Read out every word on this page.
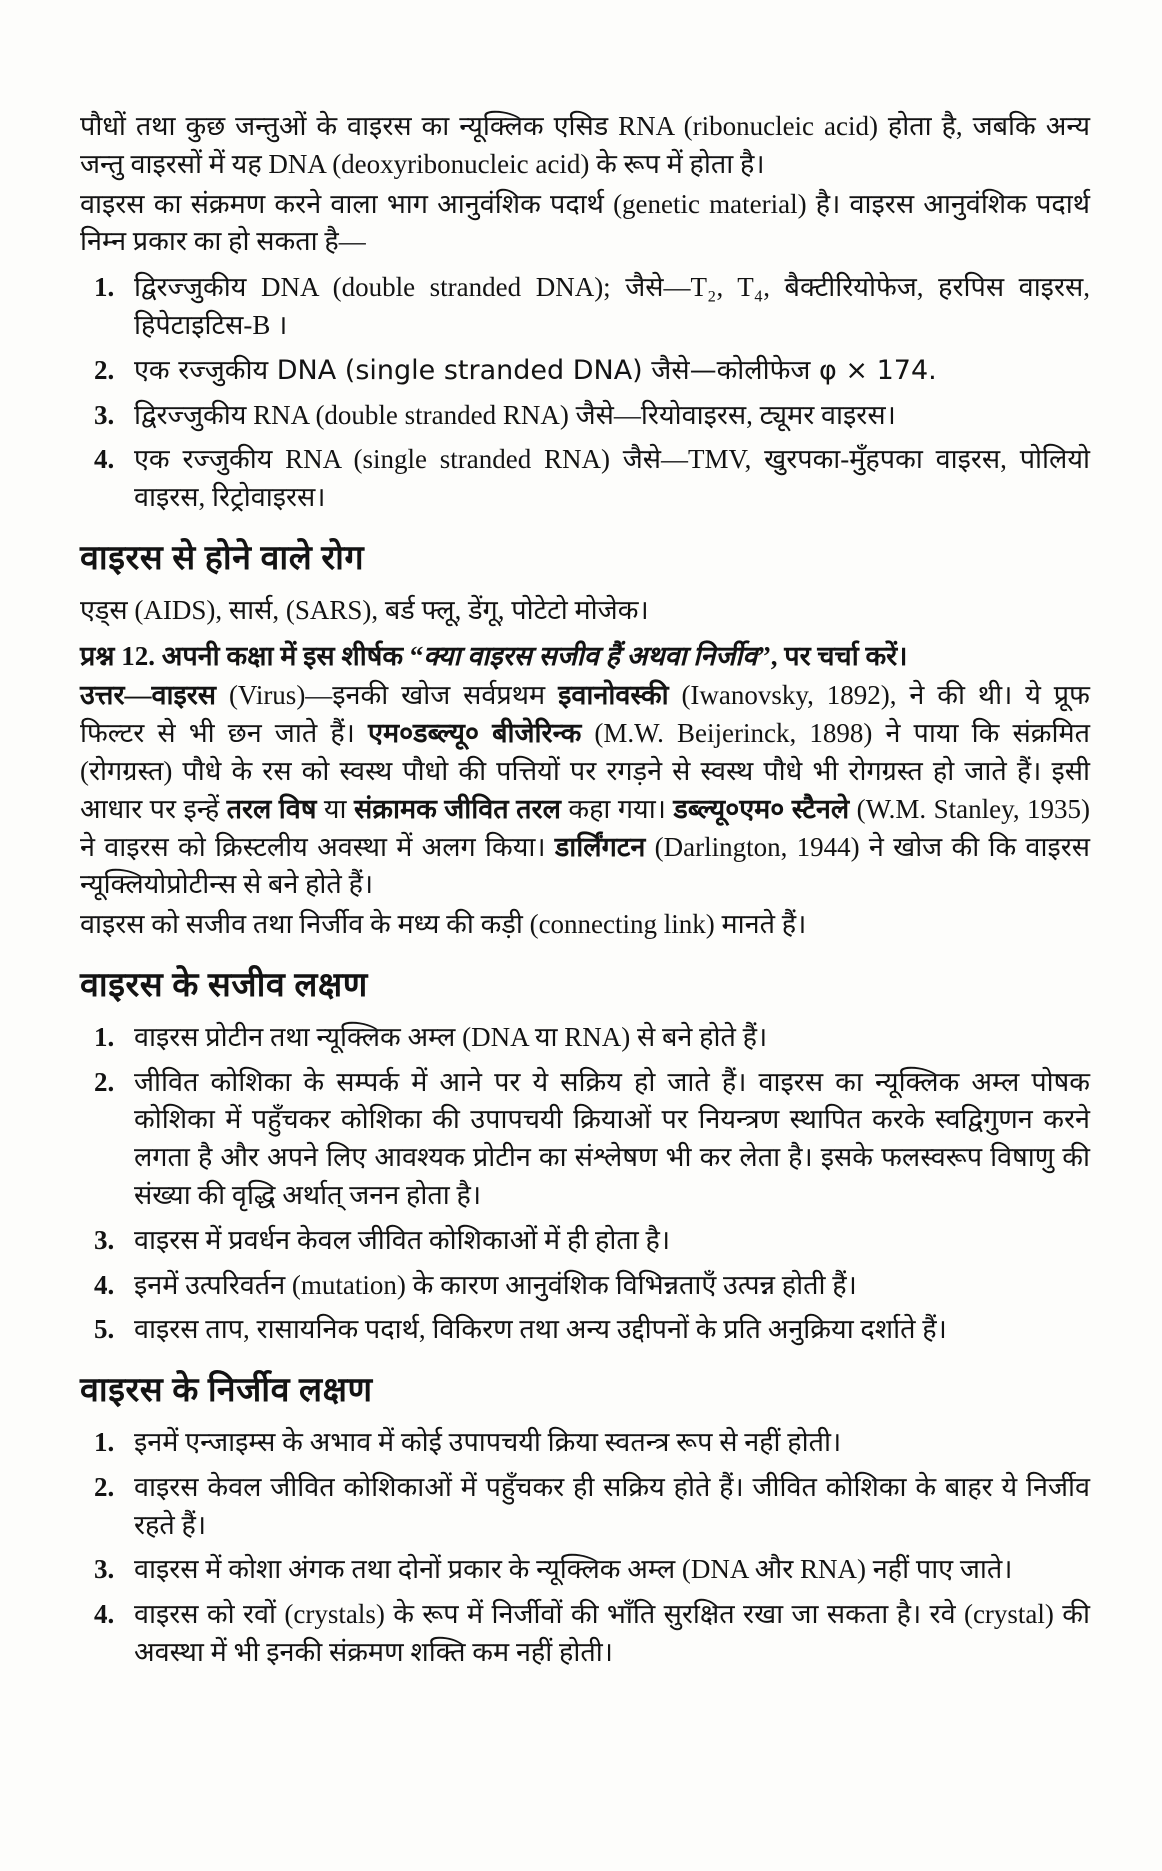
पौधों तथा कुछ जन्तुओं के वाइरस का न्यूक्लिक एसिड RNA (ribonucleic acid) होता है, जबकि अन्य जन्तु वाइरसों में यह DNA (deoxyribonucleic acid) के रूप में होता है।

वाइरस का संक्रमण करने वाला भाग आनुवंशिक पदार्थ (genetic material) है। वाइरस आनुवंशिक पदार्थ निम्न प्रकार का हो सकता है—

1. द्विरज्जुकीय DNA (double stranded DNA); जैसे—T₂, T₄, बैक्टीरियोफेज, हरपिस वाइरस, हिपेटाइटिस-B ।
2. एक रज्जुकीय DNA (single stranded DNA) जैसे—कोलीफेज φ × 174.
3. द्विरज्जुकीय RNA (double stranded RNA) जैसे—रियोवाइरस, ट्यूमर वाइरस।
4. एक रज्जुकीय RNA (single stranded RNA) जैसे—TMV, खुरपका-मुँहपका वाइरस, पोलियो वाइरस, रिट्रोवाइरस।
वाइरस से होने वाले रोग

एड्स (AIDS), सार्स, (SARS), बर्ड फ्लू, डेंगू, पोटेटो मोजेक।

प्रश्न 12. अपनी कक्षा में इस शीर्षक “क्या वाइरस सजीव हैं अथवा निर्जीव”, पर चर्चा करें।

उत्तर—वाइरस (Virus)—इनकी खोज सर्वप्रथम इवानोवस्की (Iwanovsky, 1892), ने की थी। ये प्रूफ फिल्टर से भी छन जाते हैं। एम०डब्ल्यू० बीजेरिन्क (M.W. Beijerinck, 1898) ने पाया कि संक्रमित (रोगग्रस्त) पौधे के रस को स्वस्थ पौधो की पत्तियों पर रगड़ने से स्वस्थ पौधे भी रोगग्रस्त हो जाते हैं। इसी आधार पर इन्हें तरल विष या संक्रामक जीवित तरल कहा गया। डब्ल्यू०एम० स्टैनले (W.M. Stanley, 1935) ने वाइरस को क्रिस्टलीय अवस्था में अलग किया। डार्लिंगटन (Darlington, 1944) ने खोज की कि वाइरस न्यूक्लियोप्रोटीन्स से बने होते हैं।

वाइरस को सजीव तथा निर्जीव के मध्य की कड़ी (connecting link) मानते हैं।

वाइरस के सजीव लक्षण
1. वाइरस प्रोटीन तथा न्यूक्लिक अम्ल (DNA या RNA) से बने होते हैं।
2. जीवित कोशिका के सम्पर्क में आने पर ये सक्रिय हो जाते हैं। वाइरस का न्यूक्लिक अम्ल पोषक कोशिका में पहुँचकर कोशिका की उपापचयी क्रियाओं पर नियन्त्रण स्थापित करके स्वद्विगुणन करने लगता है और अपने लिए आवश्यक प्रोटीन का संश्लेषण भी कर लेता है। इसके फलस्वरूप विषाणु की संख्या की वृद्धि अर्थात् जनन होता है।
3. वाइरस में प्रवर्धन केवल जीवित कोशिकाओं में ही होता है।
4. इनमें उत्परिवर्तन (mutation) के कारण आनुवंशिक विभिन्नताएँ उत्पन्न होती हैं।
5. वाइरस ताप, रासायनिक पदार्थ, विकिरण तथा अन्य उद्दीपनों के प्रति अनुक्रिया दर्शाते हैं।
वाइरस के निर्जीव लक्षण
1. इनमें एन्जाइम्स के अभाव में कोई उपापचयी क्रिया स्वतन्त्र रूप से नहीं होती।
2. वाइरस केवल जीवित कोशिकाओं में पहुँचकर ही सक्रिय होते हैं। जीवित कोशिका के बाहर ये निर्जीव रहते हैं।
3. वाइरस में कोशा अंगक तथा दोनों प्रकार के न्यूक्लिक अम्ल (DNA और RNA) नहीं पाए जाते।
4. वाइरस को रवों (crystals) के रूप में निर्जीवों की भाँति सुरक्षित रखा जा सकता है। रवे (crystal) की अवस्था में भी इनकी संक्रमण शक्ति कम नहीं होती।
